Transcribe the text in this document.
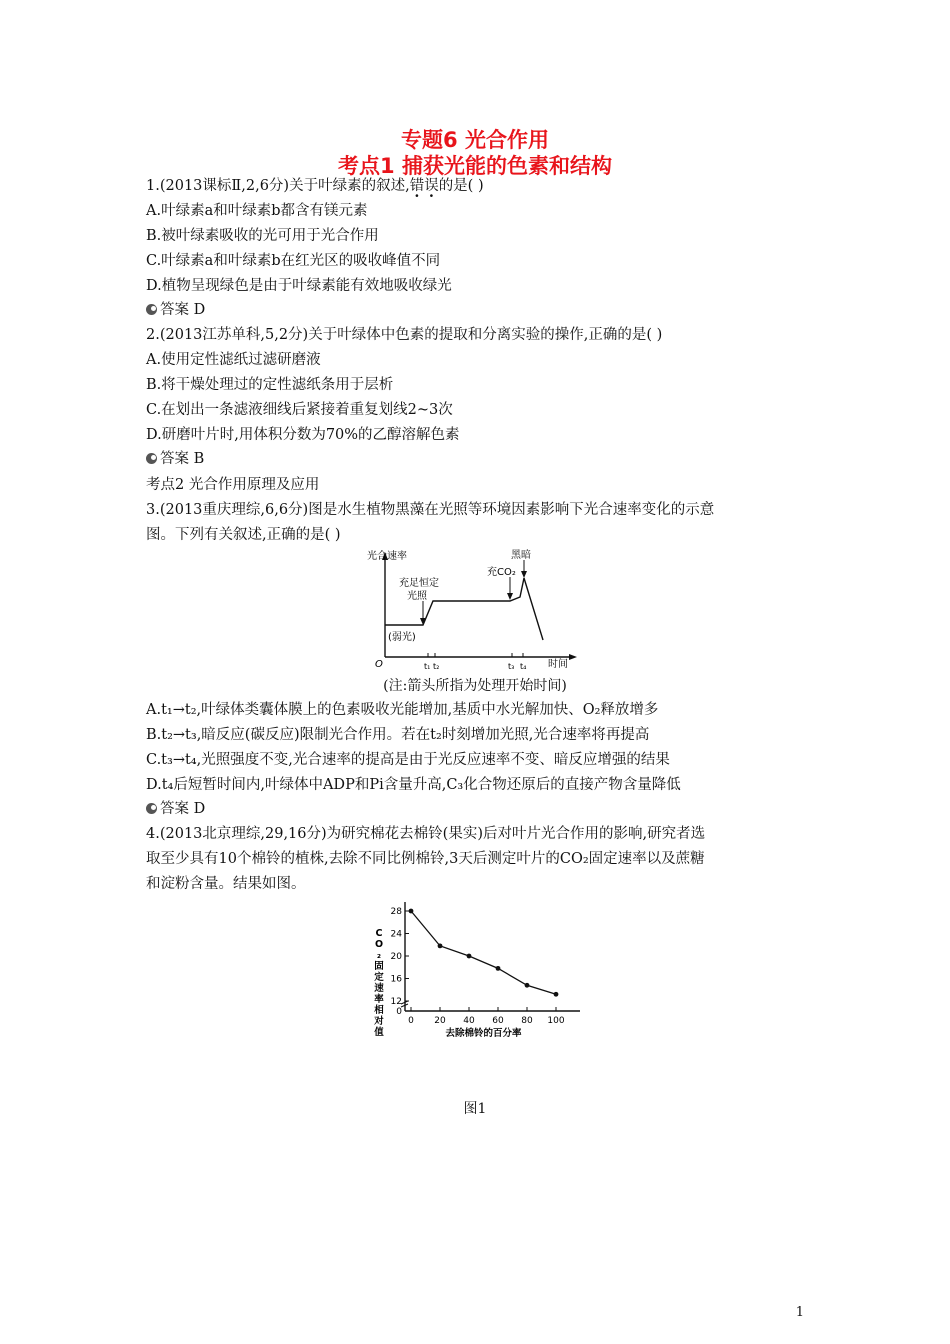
专题6 光合作用
考点1 捕获光能的色素和结构
1.(2013课标Ⅱ,2,6分)关于叶绿素的叙述,错误的是( )
A.叶绿素a和叶绿素b都含有镁元素
B.被叶绿素吸收的光可用于光合作用
C.叶绿素a和叶绿素b在红光区的吸收峰值不同
D.植物呈现绿色是由于叶绿素能有效地吸收绿光
答案 D
2.(2013江苏单科,5,2分)关于叶绿体中色素的提取和分离实验的操作,正确的是( )
A.使用定性滤纸过滤研磨液
B.将干燥处理过的定性滤纸条用于层析
C.在划出一条滤液细线后紧接着重复划线2~3次
D.研磨叶片时,用体积分数为70%的乙醇溶解色素
答案 B
考点2 光合作用原理及应用
3.(2013重庆理综,6,6分)图是水生植物黑藻在光照等环境因素影响下光合速率变化的示意
图。下列有关叙述,正确的是( )
光合速率
充足恒定
光照
充CO₂
黑暗
(弱光)
O	t₁ t₂	t₃ t₄ 时间
(注:箭头所指为处理开始时间)
A.t₁→t₂,叶绿体类囊体膜上的色素吸收光能增加,基质中水光解加快、O₂释放增多
B.t₂→t₃,暗反应(碳反应)限制光合作用。若在t₂时刻增加光照,光合速率将再提高
C.t₃→t₄,光照强度不变,光合速率的提高是由于光反应速率不变、暗反应增强的结果
D.t₄后短暂时间内,叶绿体中ADP和Pi含量升高,C₃化合物还原后的直接产物含量降低
答案 D
4.(2013北京理综,29,16分)为研究棉花去棉铃(果实)后对叶片光合作用的影响,研究者选
取至少具有10个棉铃的植株,去除不同比例棉铃,3天后测定叶片的CO₂固定速率以及蔗糖
和淀粉含量。结果如图。
0
12
16
20
24
28
0 20 40 60 80 100
去除棉铃的百分率
C O ₂ 固定速率相对值
图1
1
